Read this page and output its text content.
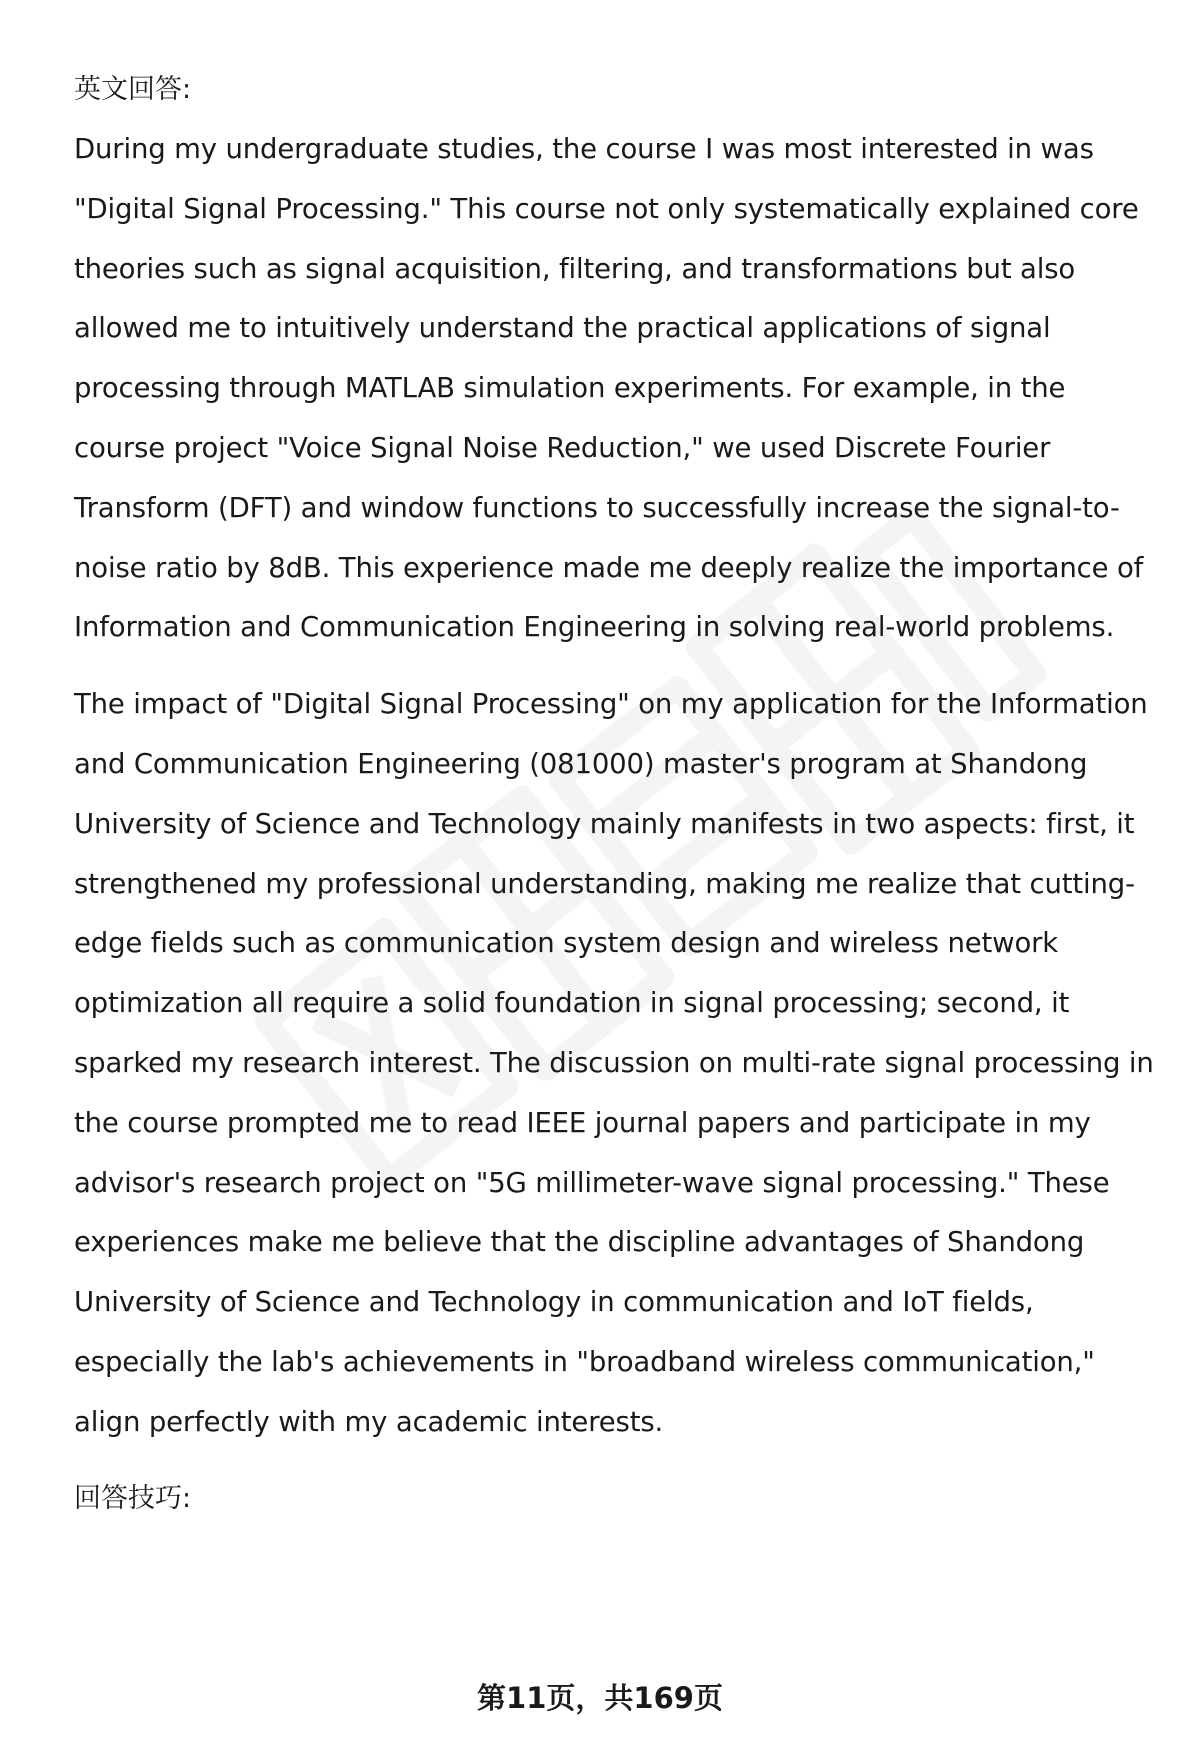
英文回答:

During my undergraduate studies, the course I was most interested in was "Digital Signal Processing." This course not only systematically explained core theories such as signal acquisition, filtering, and transformations but also allowed me to intuitively understand the practical applications of signal processing through MATLAB simulation experiments. For example, in the course project "Voice Signal Noise Reduction," we used Discrete Fourier Transform (DFT) and window functions to successfully increase the signal-to-noise ratio by 8dB. This experience made me deeply realize the importance of Information and Communication Engineering in solving real-world problems.

The impact of "Digital Signal Processing" on my application for the Information and Communication Engineering (081000) master's program at Shandong University of Science and Technology mainly manifests in two aspects: first, it strengthened my professional understanding, making me realize that cutting-edge fields such as communication system design and wireless network optimization all require a solid foundation in signal processing; second, it sparked my research interest. The discussion on multi-rate signal processing in the course prompted me to read IEEE journal papers and participate in my advisor's research project on "5G millimeter-wave signal processing." These experiences make me believe that the discipline advantages of Shandong University of Science and Technology in communication and IoT fields, especially the lab's achievements in "broadband wireless communication," align perfectly with my academic interests.

回答技巧:

第11页，共169页
